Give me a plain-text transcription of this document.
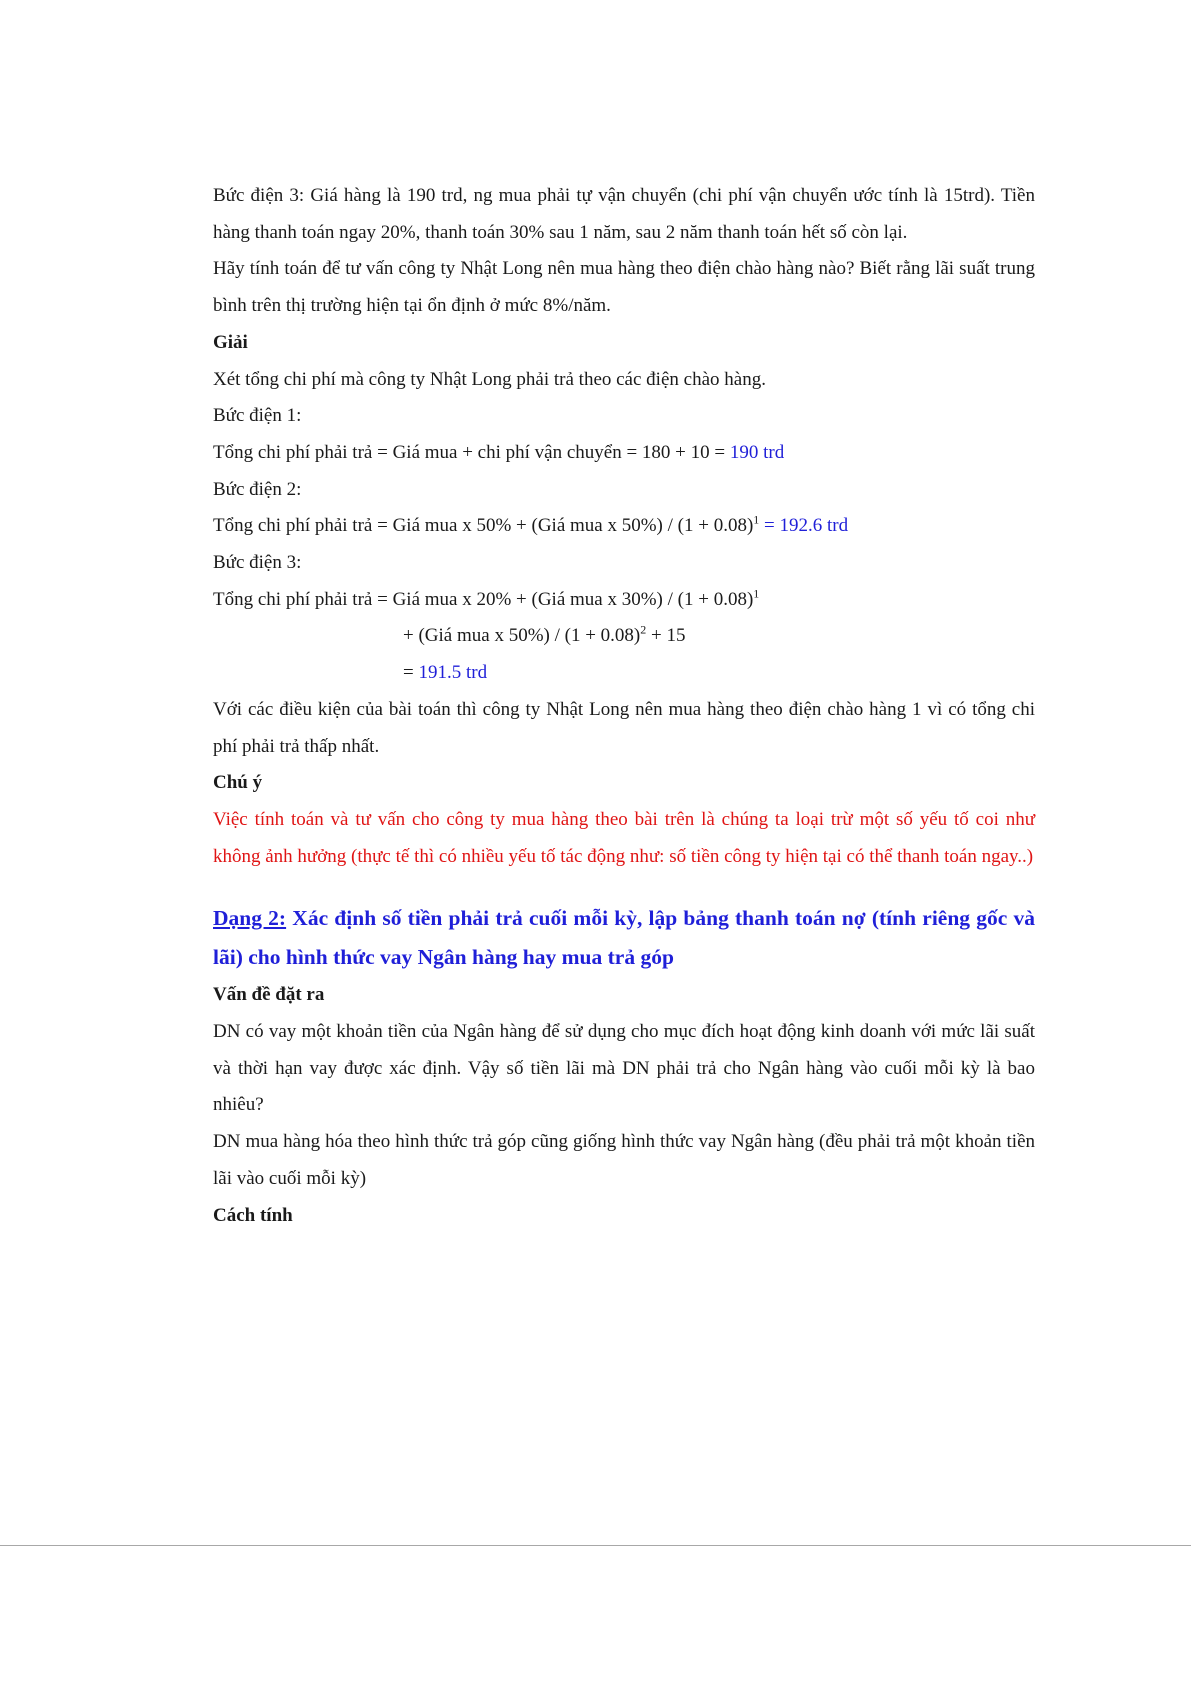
Bức điện 3: Giá hàng là 190 trd, ng mua phải tự vận chuyển (chi phí vận chuyển ước tính là 15trd). Tiền hàng thanh toán ngay 20%, thanh toán 30% sau 1 năm, sau 2 năm thanh toán hết số còn lại.

Hãy tính toán để tư vấn công ty Nhật Long nên mua hàng theo điện chào hàng nào? Biết rằng lãi suất trung bình trên thị trường hiện tại ổn định ở mức 8%/năm.

Giải

Xét tổng chi phí mà công ty Nhật Long phải trả theo các điện chào hàng.

Bức điện 1:

Tổng chi phí phải trả = Giá mua + chi phí vận chuyển = 180 + 10 = 190 trd

Bức điện 2:

Tổng chi phí phải trả = Giá mua x 50% + (Giá mua x $50\%) / (1 + 0.08)^1 = 192.6$ trd

Bức điện 3:

Tổng chi phí phải trả = Giá mua x 20% + (Giá mua x $30\%) / (1 + 0.08)^1$

+ (Giá mua x $50\%) / (1 + 0.08)^2 + 15$

= 191.5 trd

Với các điều kiện của bài toán thì công ty Nhật Long nên mua hàng theo điện chào hàng 1 vì có tổng chi phí phải trả thấp nhất.

Chú ý

Việc tính toán và tư vấn cho công ty mua hàng theo bài trên là chúng ta loại trừ một số yếu tố coi như không ảnh hưởng (thực tế thì có nhiều yếu tố tác động như: số tiền công ty hiện tại có thể thanh toán ngay..)

Dạng 2: Xác định số tiền phải trả cuối mỗi kỳ, lập bảng thanh toán nợ (tính riêng gốc và lãi) cho hình thức vay Ngân hàng hay mua trả góp

Vấn đề đặt ra

DN có vay một khoản tiền của Ngân hàng để sử dụng cho mục đích hoạt động kinh doanh với mức lãi suất và thời hạn vay được xác định. Vậy số tiền lãi mà DN phải trả cho Ngân hàng vào cuối mỗi kỳ là bao nhiêu?

DN mua hàng hóa theo hình thức trả góp cũng giống hình thức vay Ngân hàng (đều phải trả một khoản tiền lãi vào cuối mỗi kỳ)

Cách tính
